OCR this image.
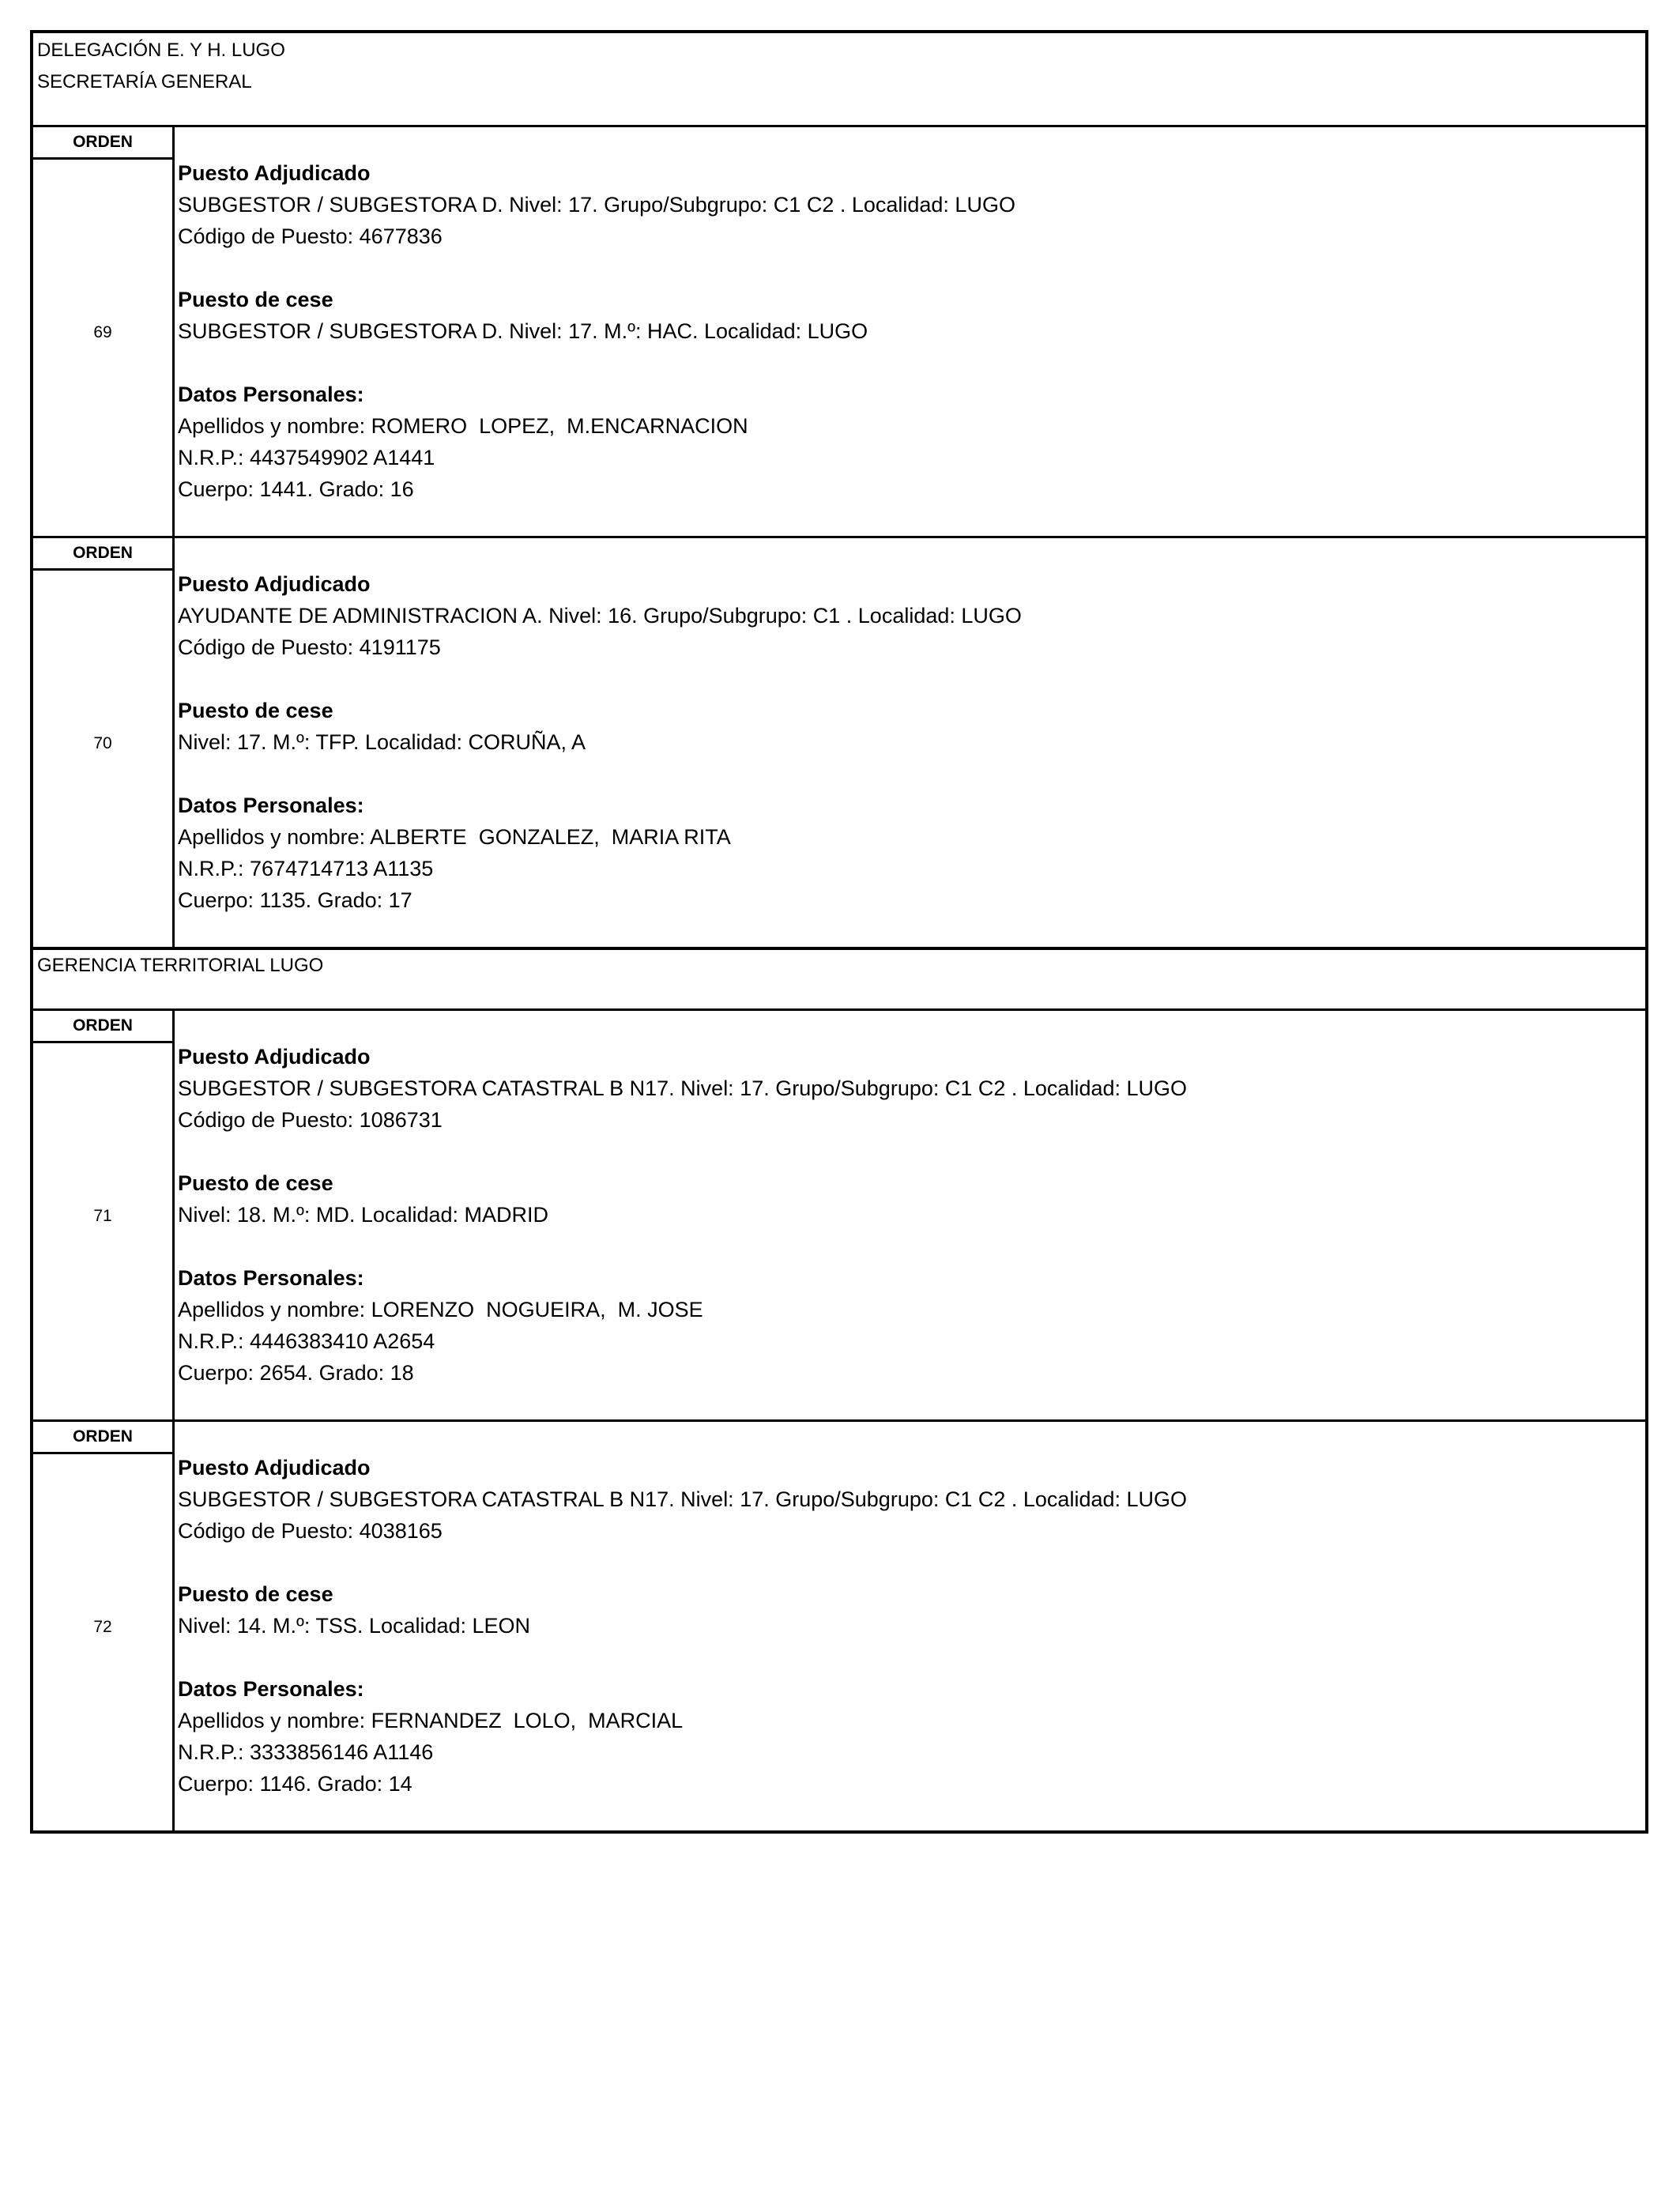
DELEGACIÓN E. Y H. LUGO
SECRETARÍA GENERAL
ORDEN
69
Puesto Adjudicado
SUBGESTOR / SUBGESTORA D. Nivel: 17. Grupo/Subgrupo: C1 C2 . Localidad: LUGO
Código de Puesto: 4677836
Puesto de cese
SUBGESTOR / SUBGESTORA D. Nivel: 17. M.º: HAC. Localidad: LUGO
Datos Personales:
Apellidos y nombre: ROMERO  LOPEZ,  M.ENCARNACION
N.R.P.: 4437549902 A1441
Cuerpo: 1441. Grado: 16
ORDEN
70
Puesto Adjudicado
AYUDANTE DE ADMINISTRACION A. Nivel: 16. Grupo/Subgrupo: C1 . Localidad: LUGO
Código de Puesto: 4191175
Puesto de cese
Nivel: 17. M.º: TFP. Localidad: CORUÑA, A
Datos Personales:
Apellidos y nombre: ALBERTE  GONZALEZ,  MARIA RITA
N.R.P.: 7674714713 A1135
Cuerpo: 1135. Grado: 17
GERENCIA TERRITORIAL LUGO
ORDEN
71
Puesto Adjudicado
SUBGESTOR / SUBGESTORA CATASTRAL B N17. Nivel: 17. Grupo/Subgrupo: C1 C2 . Localidad: LUGO
Código de Puesto: 1086731
Puesto de cese
Nivel: 18. M.º: MD. Localidad: MADRID
Datos Personales:
Apellidos y nombre: LORENZO  NOGUEIRA,  M. JOSE
N.R.P.: 4446383410 A2654
Cuerpo: 2654. Grado: 18
ORDEN
72
Puesto Adjudicado
SUBGESTOR / SUBGESTORA CATASTRAL B N17. Nivel: 17. Grupo/Subgrupo: C1 C2 . Localidad: LUGO
Código de Puesto: 4038165
Puesto de cese
Nivel: 14. M.º: TSS. Localidad: LEON
Datos Personales:
Apellidos y nombre: FERNANDEZ  LOLO,  MARCIAL
N.R.P.: 3333856146 A1146
Cuerpo: 1146. Grado: 14
